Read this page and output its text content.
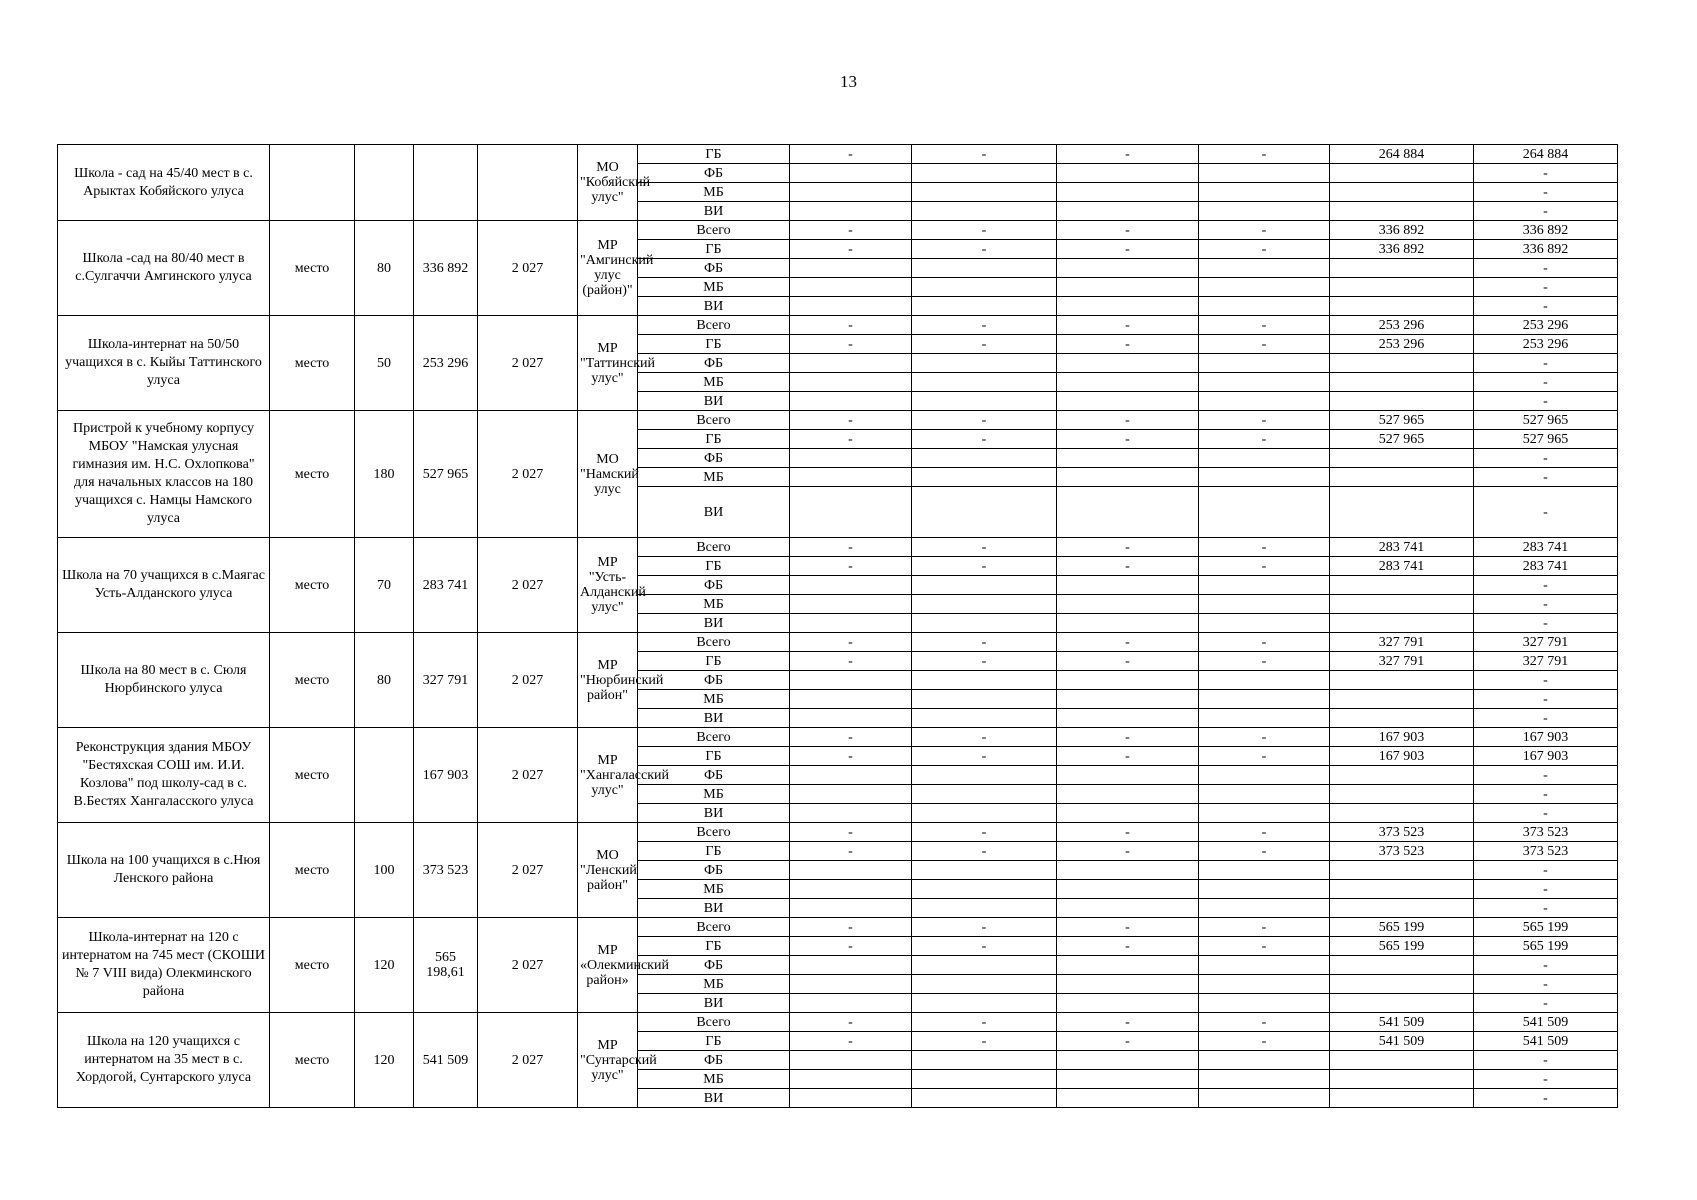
13
Школа - сад на 45/40 мест в с. Арыктах Кобяйского улуса					МО "Кобяйский улус"	ГБ	-	-	-	-	264 884	264 884
						ФБ						-
						МБ						-
						ВИ						-
Школа -сад на 80/40 мест в с.Сулгаччи Амгинского улуса	место	80	336 892	2 027	МР "Амгинский улус (район)"	Всего	-	-	-	-	336 892	336 892
						ГБ	-	-	-	-	336 892	336 892
						ФБ						-
						МБ						-
						ВИ						-
Школа-интернат на 50/50 учащихся в с. Кыйы Таттинского улуса	место	50	253 296	2 027	МР "Таттинский улус"	Всего	-	-	-	-	253 296	253 296
						ГБ	-	-	-	-	253 296	253 296
						ФБ						-
						МБ						-
						ВИ						-
Пристрой к учебному корпусу МБОУ "Намская улусная гимназия им. Н.С. Охлопкова" для начальных классов на 180 учащихся с. Намцы Намского улуса	место	180	527 965	2 027	МО "Намский улус	Всего	-	-	-	-	527 965	527 965
						ГБ	-	-	-	-	527 965	527 965
						ФБ						-
						МБ						-
						ВИ						-
Школа на 70 учащихся в с.Маягас Усть-Алданского улуса	место	70	283 741	2 027	МР "Усть-Алданский улус"	Всего	-	-	-	-	283 741	283 741
						ГБ	-	-	-	-	283 741	283 741
						ФБ						-
						МБ						-
						ВИ						-
Школа на 80 мест в с. Сюля Нюрбинского улуса	место	80	327 791	2 027	МР "Нюрбинский район"	Всего	-	-	-	-	327 791	327 791
						ГБ	-	-	-	-	327 791	327 791
						ФБ						-
						МБ						-
						ВИ						-
Реконструкция здания МБОУ "Бестяхская СОШ им. И.И. Козлова" под школу-сад в с. В.Бестях Хангаласского улуса	место		167 903	2 027	МР "Хангаласский улус"	Всего	-	-	-	-	167 903	167 903
						ГБ	-	-	-	-	167 903	167 903
						ФБ						-
						МБ						-
						ВИ						-
Школа на 100 учащихся в с.Нюя Ленского района	место	100	373 523	2 027	МО "Ленский район"	Всего	-	-	-	-	373 523	373 523
						ГБ	-	-	-	-	373 523	373 523
						ФБ						-
						МБ						-
						ВИ						-
Школа-интернат на 120 с интернатом на 745 мест (СКОШИ № 7 VIII вида) Олекминского района	место	120	565 198,61	2 027	МР «Олекминский район»	Всего	-	-	-	-	565 199	565 199
						ГБ	-	-	-	-	565 199	565 199
						ФБ						-
						МБ						-
						ВИ						-
Школа на 120 учащихся с интернатом на 35 мест в с. Хордогой, Сунтарского улуса	место	120	541 509	2 027	МР "Сунтарский улус"	Всего	-	-	-	-	541 509	541 509
						ГБ	-	-	-	-	541 509	541 509
						ФБ						-
						МБ						-
						ВИ						-
